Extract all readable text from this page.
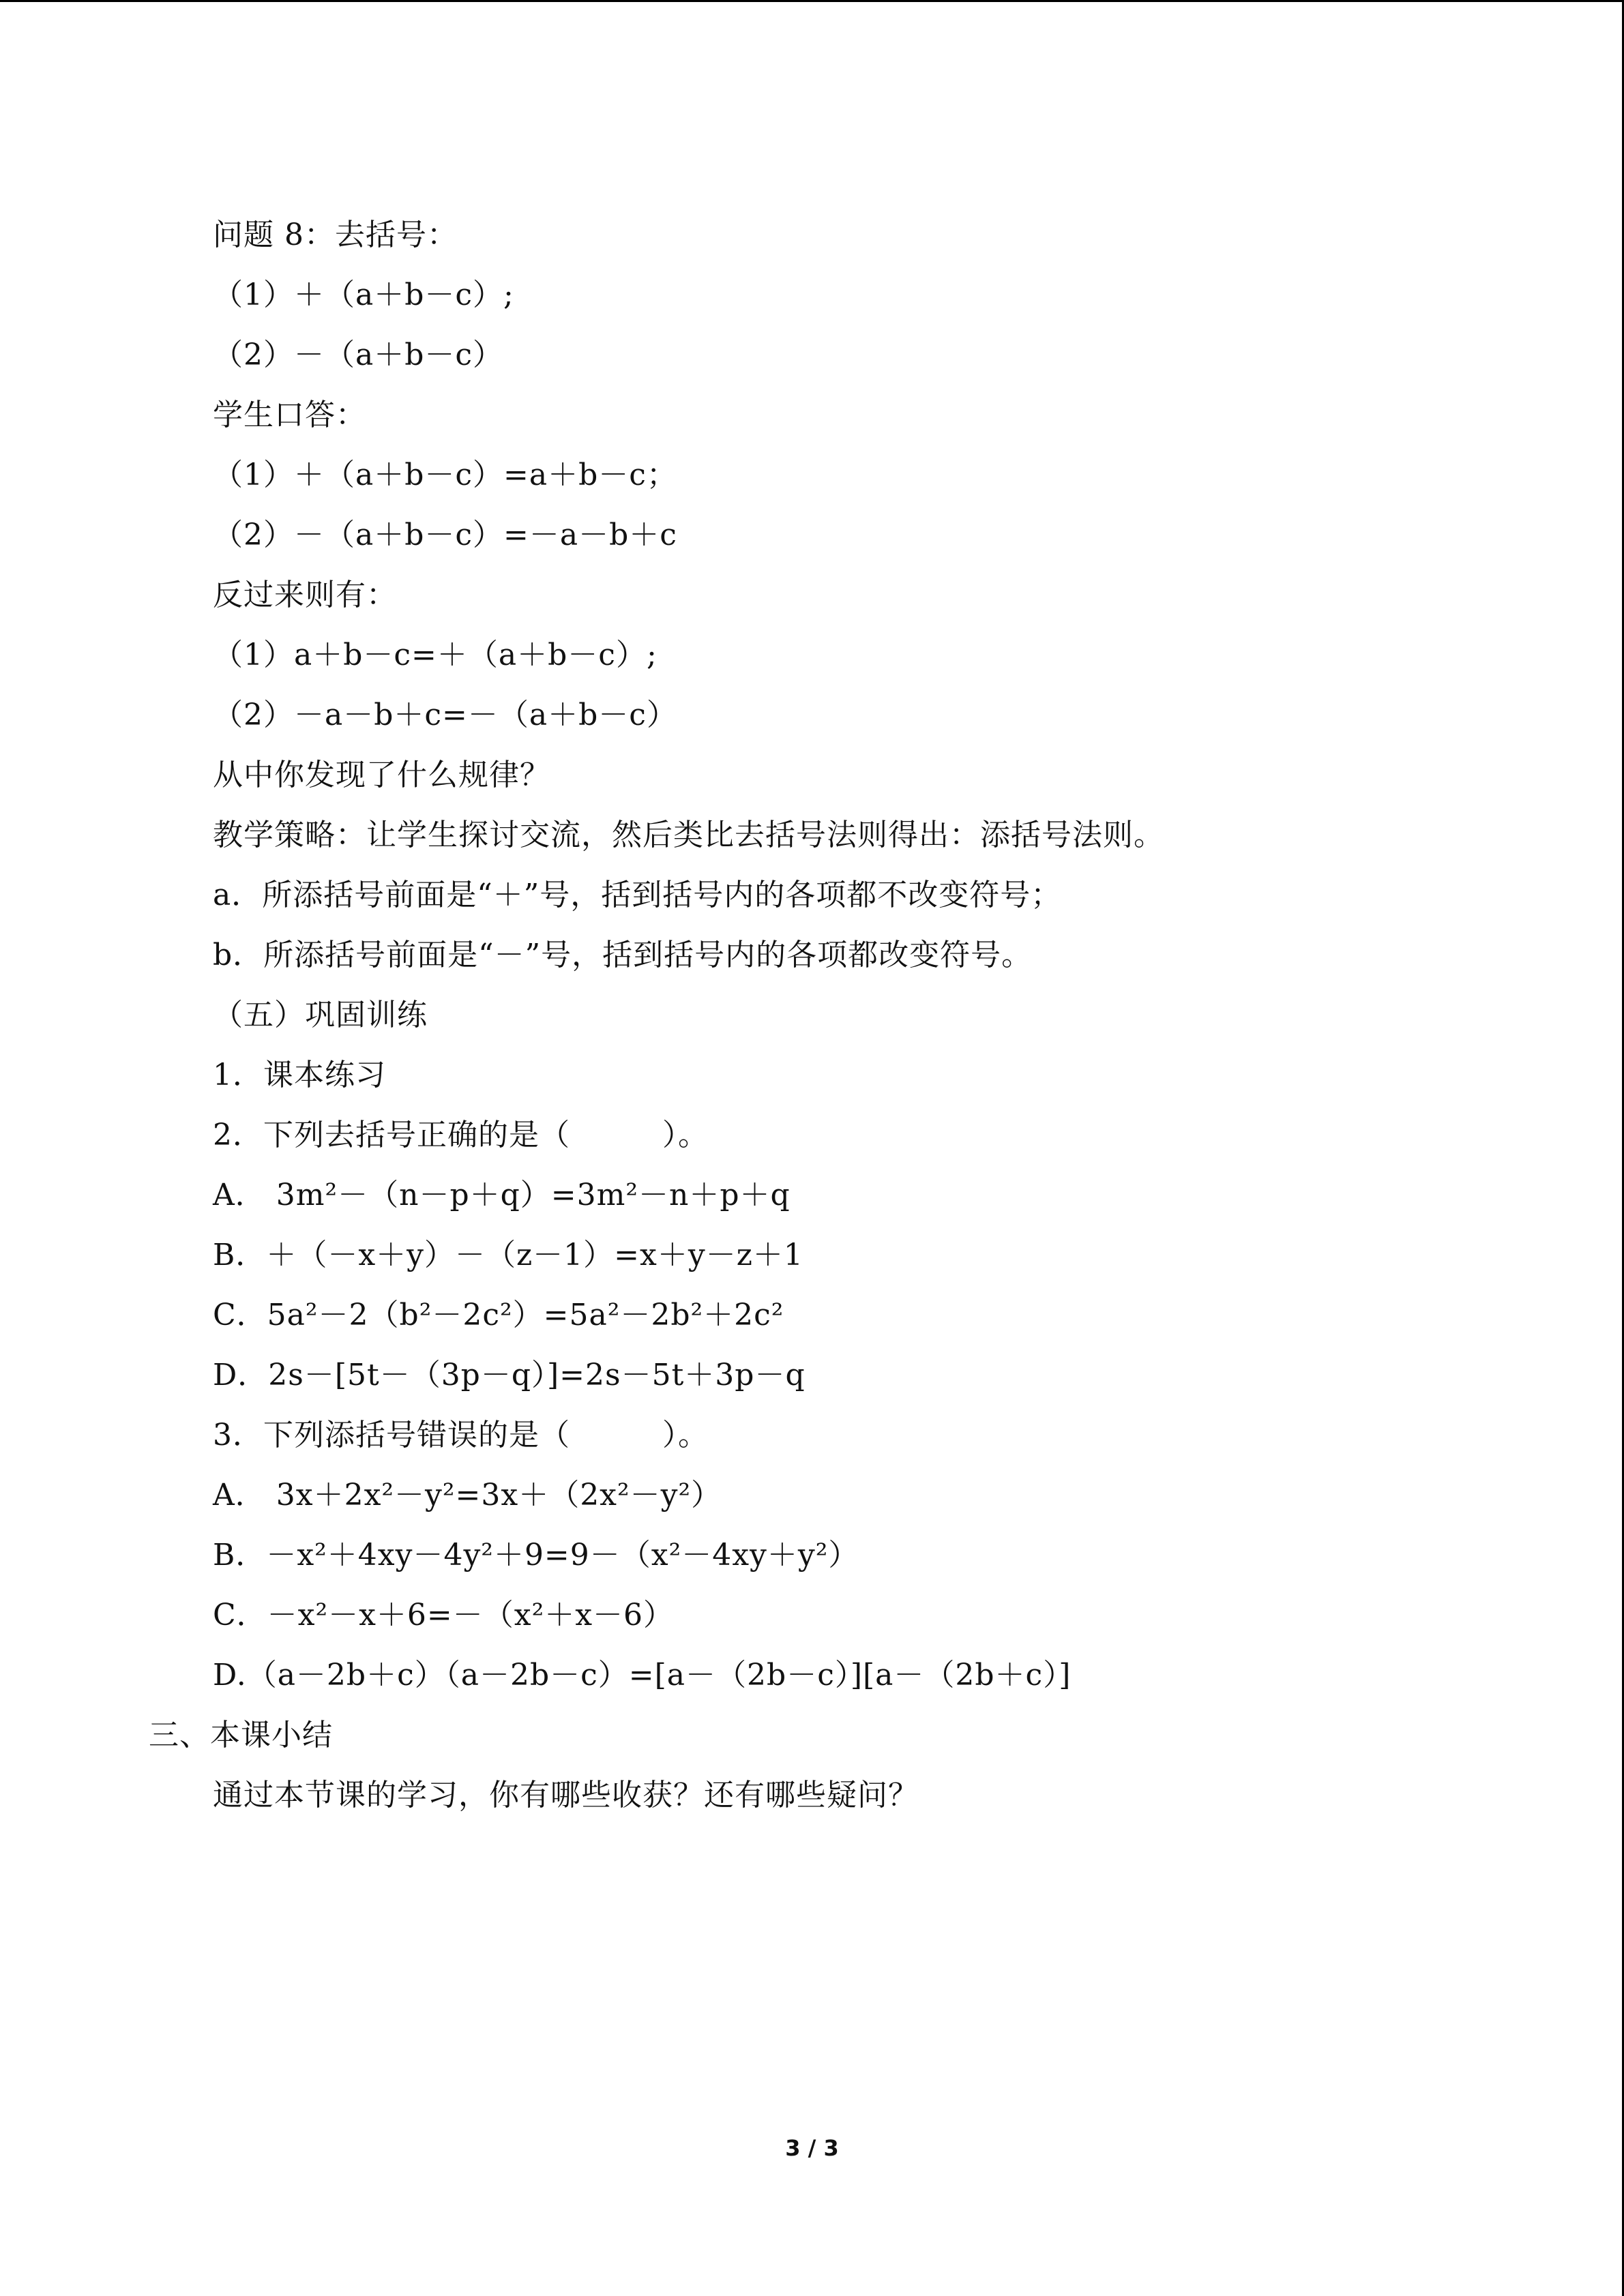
问题 8：去括号：
（1）＋（a＋b－c）;
（2）－（a＋b－c）
学生口答：
（1）＋（a＋b－c）=a＋b－c；
（2）－（a＋b－c）=－a－b＋c
反过来则有：
（1）a＋b－c=＋（a＋b－c）;
（2）－a－b＋c=－（a＋b－c）
从中你发现了什么规律？
教学策略：让学生探讨交流，然后类比去括号法则得出：添括号法则。
a．所添括号前面是“＋”号，括到括号内的各项都不改变符号；
b．所添括号前面是“－”号，括到括号内的各项都改变符号。
（五）巩固训练
1．课本练习
2．下列去括号正确的是（　　　）。
A． 3m²－（n－p＋q）=3m²－n＋p＋q
B．＋（－x＋y）－（z－1）=x＋y－z＋1
C．5a²－2（b²－2c²）=5a²－2b²＋2c²
D．2s－[5t－（3p－q）]=2s－5t＋3p－q
3．下列添括号错误的是（　　　）。
A． 3x＋2x²－y²=3x＋（2x²－y²）
B．－x²＋4xy－4y²＋9=9－（x²－4xy＋y²）
C．－x²－x＋6=－（x²＋x－6）
D.（a－2b＋c）（a－2b－c）=[a－（2b－c）][a－（2b＋c）]
三、本课小结
通过本节课的学习，你有哪些收获？还有哪些疑问？
3 / 3
